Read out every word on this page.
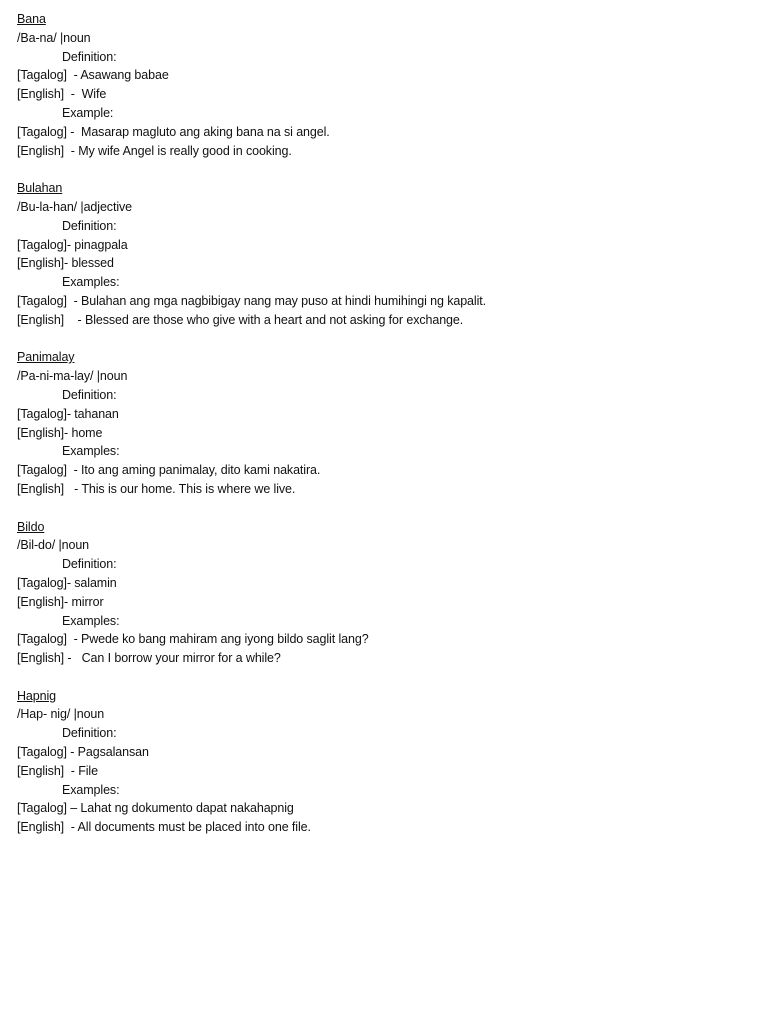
Bana
/Ba-na/ |noun
Definition:
[Tagalog]  - Asawang babae
[English]  -  Wife
Example:
[Tagalog] -  Masarap magluto ang aking bana na si angel.
[English]  - My wife Angel is really good in cooking.
Bulahan
/Bu-la-han/ |adjective
Definition:
[Tagalog]- pinagpala
[English]- blessed
Examples:
[Tagalog]  - Bulahan ang mga nagbibigay nang may puso at hindi humihingi ng kapalit.
[English]    - Blessed are those who give with a heart and not asking for exchange.
Panimalay
/Pa-ni-ma-lay/ |noun
Definition:
[Tagalog]- tahanan
[English]- home
Examples:
[Tagalog]  - Ito ang aming panimalay, dito kami nakatira.
[English]   - This is our home. This is where we live.
Bildo
/Bil-do/ |noun
Definition:
[Tagalog]- salamin
[English]- mirror
Examples:
[Tagalog]  - Pwede ko bang mahiram ang iyong bildo saglit lang?
[English] -   Can I borrow your mirror for a while?
Hapnig
/Hap- nig/ |noun
Definition:
[Tagalog] - Pagsalansan
[English]  - File
Examples:
[Tagalog] – Lahat ng dokumento dapat nakahapnig
[English]  - All documents must be placed into one file.
